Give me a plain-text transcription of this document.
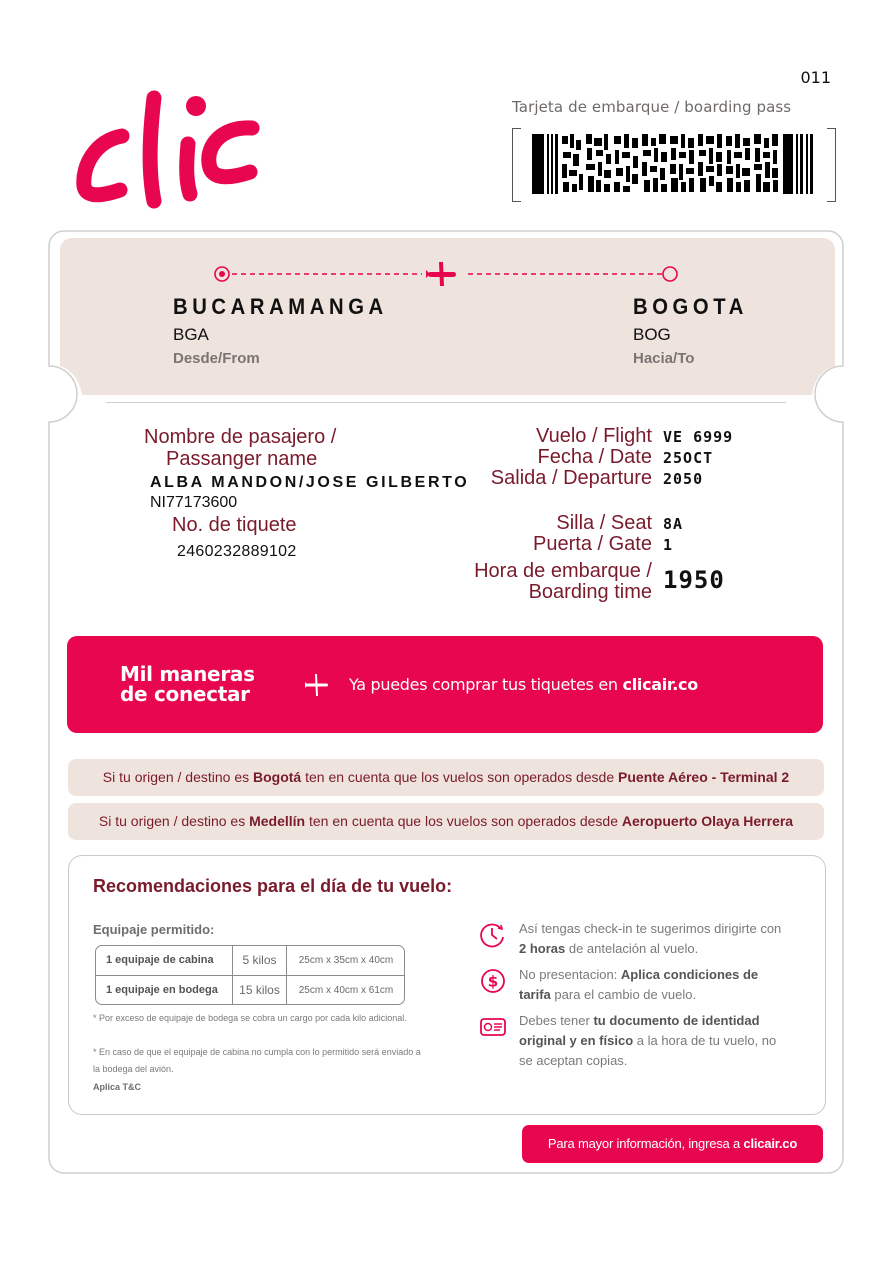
011
Tarjeta de embarque / boarding pass
BUCARAMANGA
BGA
Desde/From
BOGOTA
BOG
Hacia/To
Nombre de pasajero /
Passanger name
ALBA MANDON/JOSE GILBERTO
NI77173600
No. de tiquete
2460232889102
Vuelo / Flight VE 6999
Fecha / Date 25OCT
Salida / Departure 2050
Silla / Seat 8A
Puerta / Gate 1
Hora de embarque /
Boarding time 1950
Mil maneras
de conectar	Ya puedes comprar tus tiquetes en clicair.co
Si tu origen / destino es Bogotá ten en cuenta que los vuelos son operados desde Puente Aéreo - Terminal 2
Si tu origen / destino es Medellín ten en cuenta que los vuelos son operados desde Aeropuerto Olaya Herrera
Recomendaciones para el día de tu vuelo:
Equipaje permitido:
1 equipaje de cabina	5 kilos	25cm x 35cm x 40cm
1 equipaje en bodega	15 kilos	25cm x 40cm x 61cm
* Por exceso de equipaje de bodega se cobra un cargo por cada kilo adicional.
* En caso de que el equipaje de cabina no cumpla con lo permitido será enviado a la bodega del avión.
Aplica T&C
Así tengas check-in te sugerimos dirigirte con 2 horas de antelación al vuelo.
$ No presentacion: Aplica condiciones de tarifa para el cambio de vuelo.
Debes tener tu documento de identidad original y en físico a la hora de tu vuelo, no se aceptan copias.
Para mayor información, ingresa a clicair.co
